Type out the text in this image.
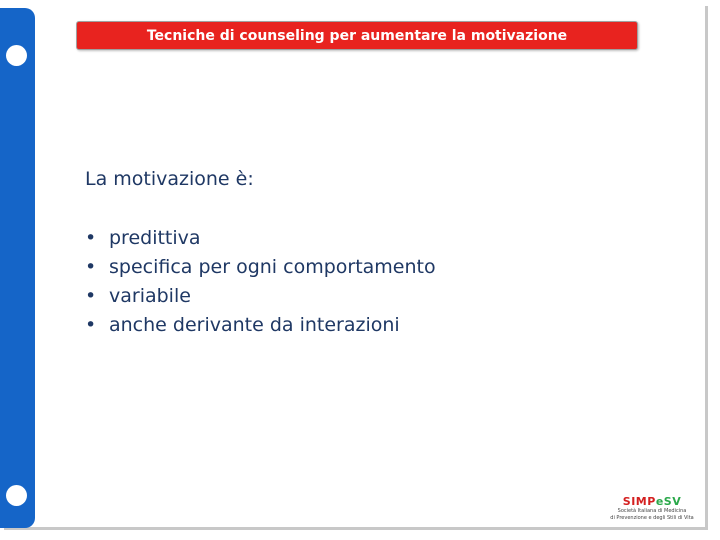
Tecniche di counseling per aumentare la motivazione
La motivazione è:
• predittiva
• specifica per ogni comportamento
• variabile
• anche derivante da interazioni
SIMPeSV
Società Italiana di Medicina
di Prevenzione e degli Stili di Vita
